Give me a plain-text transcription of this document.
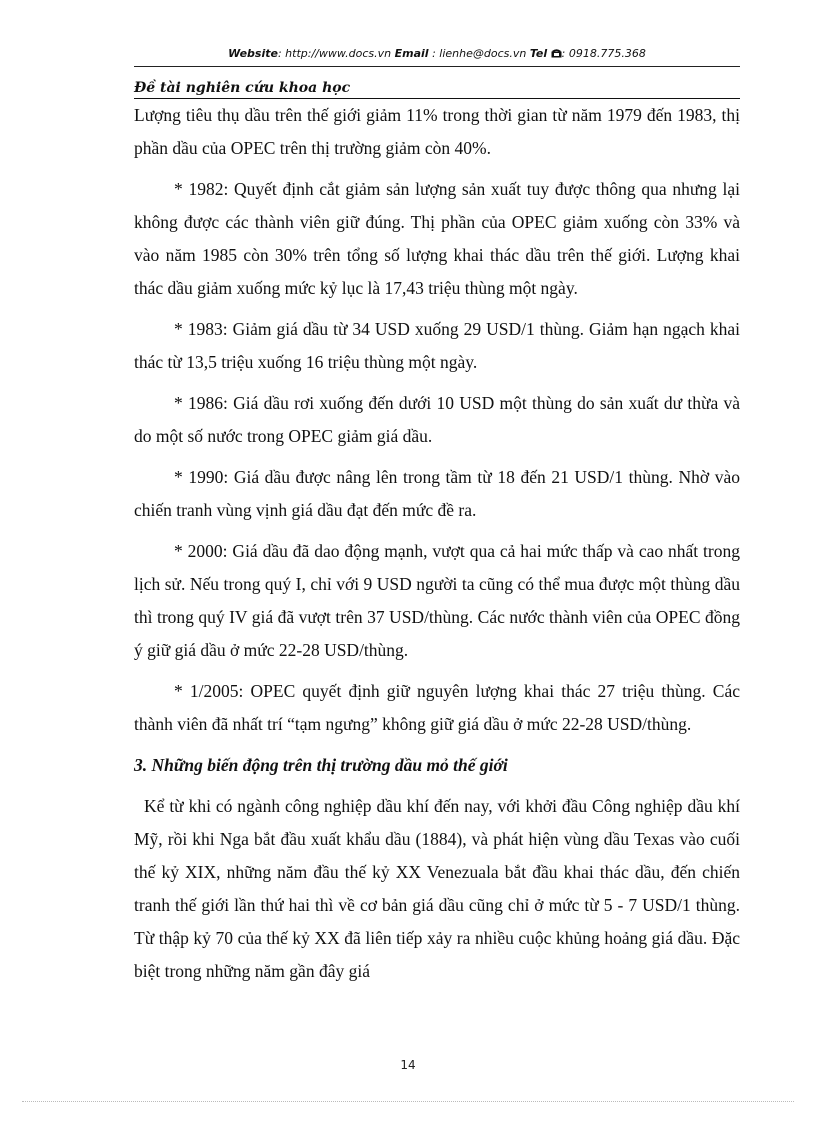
Website: http://www.docs.vn Email : lienhe@docs.vn Tel : 0918.775.368
Đề tài nghiên cứu khoa học

Lượng tiêu thụ dầu trên thế giới giảm 11% trong thời gian từ năm 1979 đến 1983, thị phần dầu của OPEC trên thị trường giảm còn 40%.

* 1982: Quyết định cắt giảm sản lượng sản xuất tuy được thông qua nhưng lại không được các thành viên giữ đúng. Thị phần của OPEC giảm xuống còn 33% và vào năm 1985 còn 30% trên tổng số lượng khai thác dầu trên thế giới. Lượng khai thác dầu giảm xuống mức kỷ lục là 17,43 triệu thùng một ngày.

* 1983: Giảm giá dầu từ 34 USD xuống 29 USD/1 thùng. Giảm hạn ngạch khai thác từ 13,5 triệu xuống 16 triệu thùng một ngày.

* 1986: Giá dầu rơi xuống đến dưới 10 USD một thùng do sản xuất dư thừa và do một số nước trong OPEC giảm giá dầu.

* 1990: Giá dầu được nâng lên trong tầm từ 18 đến 21 USD/1 thùng. Nhờ vào chiến tranh vùng vịnh giá dầu đạt đến mức đề ra.

* 2000: Giá dầu đã dao động mạnh, vượt qua cả hai mức thấp và cao nhất trong lịch sử. Nếu trong quý I, chỉ với 9 USD người ta cũng có thể mua được một thùng dầu thì trong quý IV giá đã vượt trên 37 USD/thùng. Các nước thành viên của OPEC đồng ý giữ giá dầu ở mức 22-28 USD/thùng.

* 1/2005: OPEC quyết định giữ nguyên lượng khai thác 27 triệu thùng. Các thành viên đã nhất trí “tạm ngưng” không giữ giá dầu ở mức 22-28 USD/thùng.

3. Những biến động trên thị trường dầu mỏ thế giới

Kể từ khi có ngành công nghiệp dầu khí đến nay, với khởi đầu Công nghiệp dầu khí Mỹ, rồi khi Nga bắt đầu xuất khẩu dầu (1884), và phát hiện vùng dầu Texas vào cuối thế kỷ XIX, những năm đầu thế kỷ XX Venezuala bắt đầu khai thác dầu, đến chiến tranh thế giới lần thứ hai thì về cơ bản giá dầu cũng chỉ ở mức từ 5 - 7 USD/1 thùng. Từ thập kỷ 70 của thế kỷ XX đã liên tiếp xảy ra nhiều cuộc khủng hoảng giá dầu. Đặc biệt trong những năm gần đây giá

14
